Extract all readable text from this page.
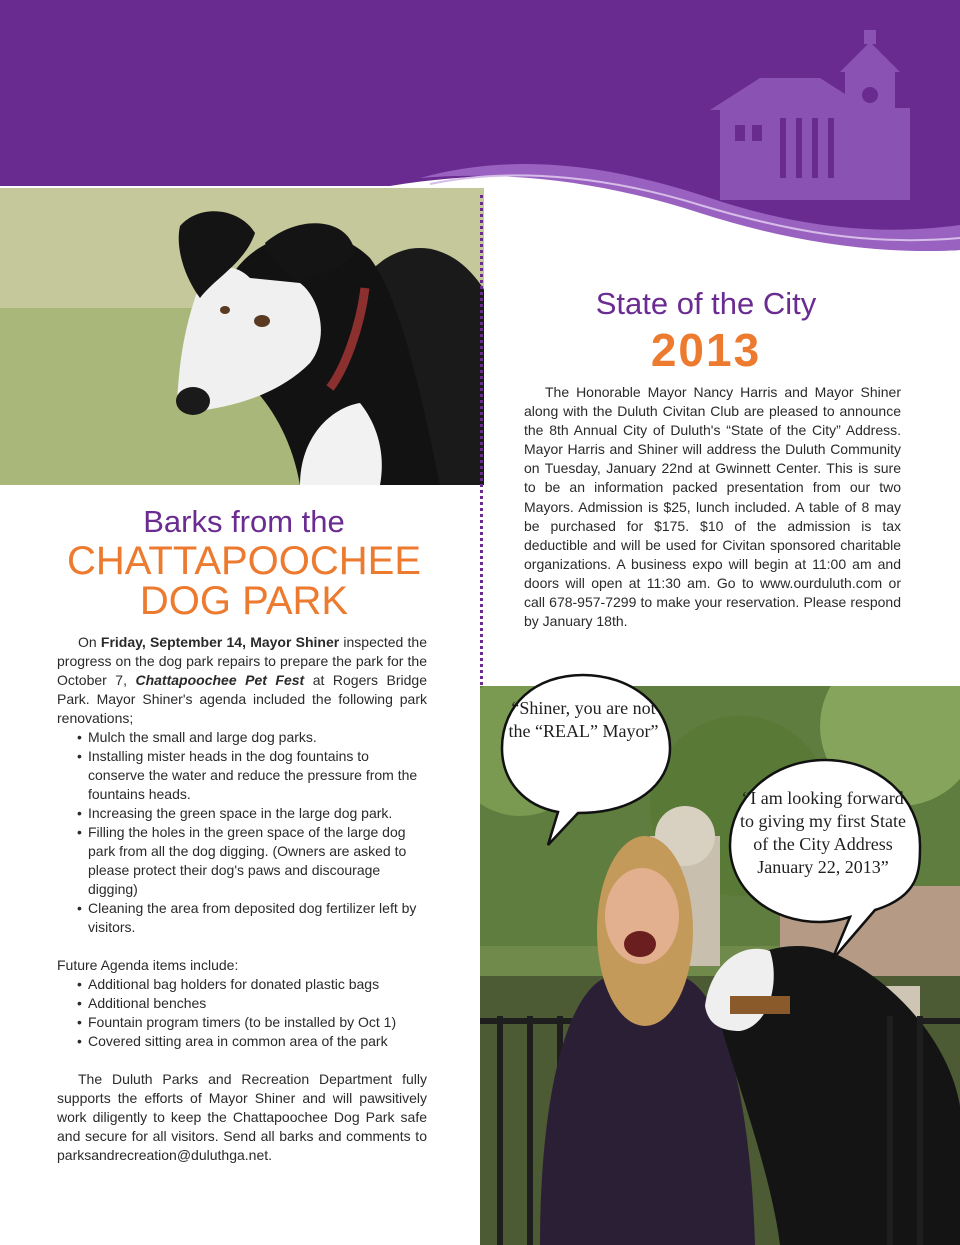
Barks from the
CHATTAPOOCHEE
DOG PARK

On Friday, September 14, Mayor Shiner inspected the progress on the dog park repairs to prepare the park for the October 7, Chattapoochee Pet Fest at Rogers Bridge Park. Mayor Shiner's agenda included the following park renovations;

• Mulch the small and large dog parks.
• Installing mister heads in the dog fountains to conserve the water and reduce the pressure from the fountains heads.
• Increasing the green space in the large dog park.
• Filling the holes in the green space of the large dog park from all the dog digging. (Owners are asked to please protect their dog's paws and discourage digging)
• Cleaning the area from deposited dog fertilizer left by visitors.

Future Agenda items include:

• Additional bag holders for donated plastic bags
• Additional benches
• Fountain program timers (to be installed by Oct 1)
• Covered sitting area in common area of the park

The Duluth Parks and Recreation Department fully supports the efforts of Mayor Shiner and will pawsitively work diligently to keep the Chattapoochee Dog Park safe and secure for all visitors. Send all barks and comments to parksandrecreation@duluthga.net.

State of the City
2013

The Honorable Mayor Nancy Harris and Mayor Shiner along with the Duluth Civitan Club are pleased to announce the 8th Annual City of Duluth's “State of the City” Address. Mayor Harris and Shiner will address the Duluth Community on Tuesday, January 22nd at Gwinnett Center. This is sure to be an information packed presentation from our two Mayors. Admission is $25, lunch included. A table of 8 may be purchased for $175. $10 of the admission is tax deductible and will be used for Civitan sponsored charitable organizations. A business expo will begin at 11:00 am and doors will open at 11:30 am. Go to www.ourduluth.com or call 678-957-7299 to make your reservation. Please respond by January 18th.

“Shiner, you are not the “REAL” Mayor”
“I am looking forward to giving my first State of the City Address January 22, 2013”
